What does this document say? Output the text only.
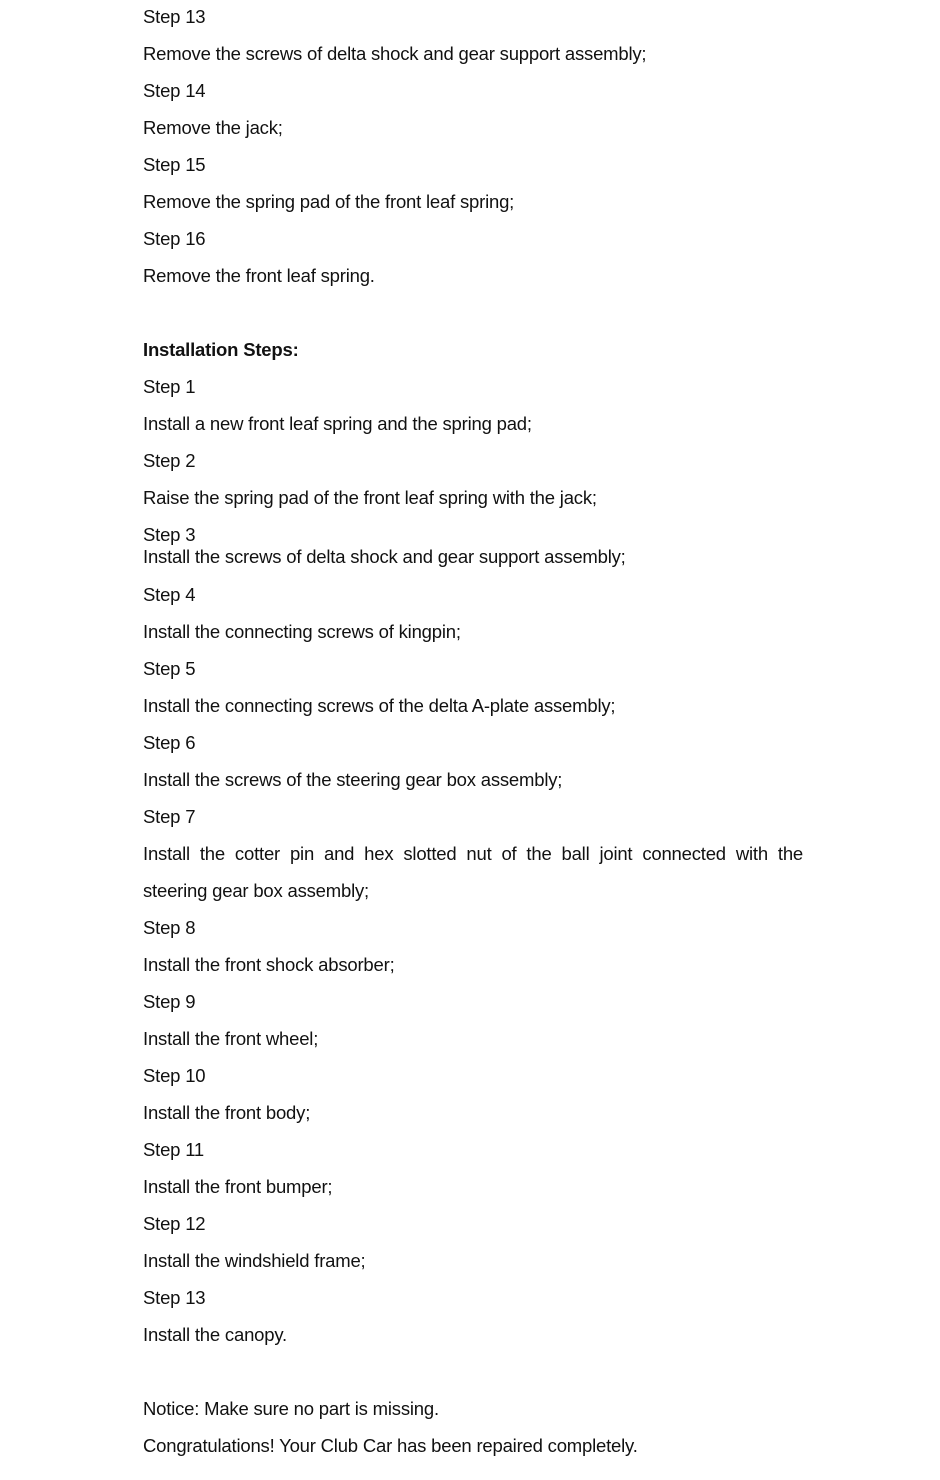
Step 13
Remove the screws of delta shock and gear support assembly;
Step 14
Remove the jack;
Step 15
Remove the spring pad of the front leaf spring;
Step 16
Remove the front leaf spring.
Installation Steps:
Step 1
Install a new front leaf spring and the spring pad;
Step 2
Raise the spring pad of the front leaf spring with the jack;
Step 3
Install the screws of delta shock and gear support assembly;
Step 4
Install the connecting screws of kingpin;
Step 5
Install the connecting screws of the delta A-plate assembly;
Step 6
Install the screws of the steering gear box assembly;
Step 7
Install the cotter pin and hex slotted nut of the ball joint connected with the
steering gear box assembly;
Step 8
Install the front shock absorber;
Step 9
Install the front wheel;
Step 10
Install the front body;
Step 11
Install the front bumper;
Step 12
Install the windshield frame;
Step 13
Install the canopy.
Notice: Make sure no part is missing.
Congratulations! Your Club Car has been repaired completely.
